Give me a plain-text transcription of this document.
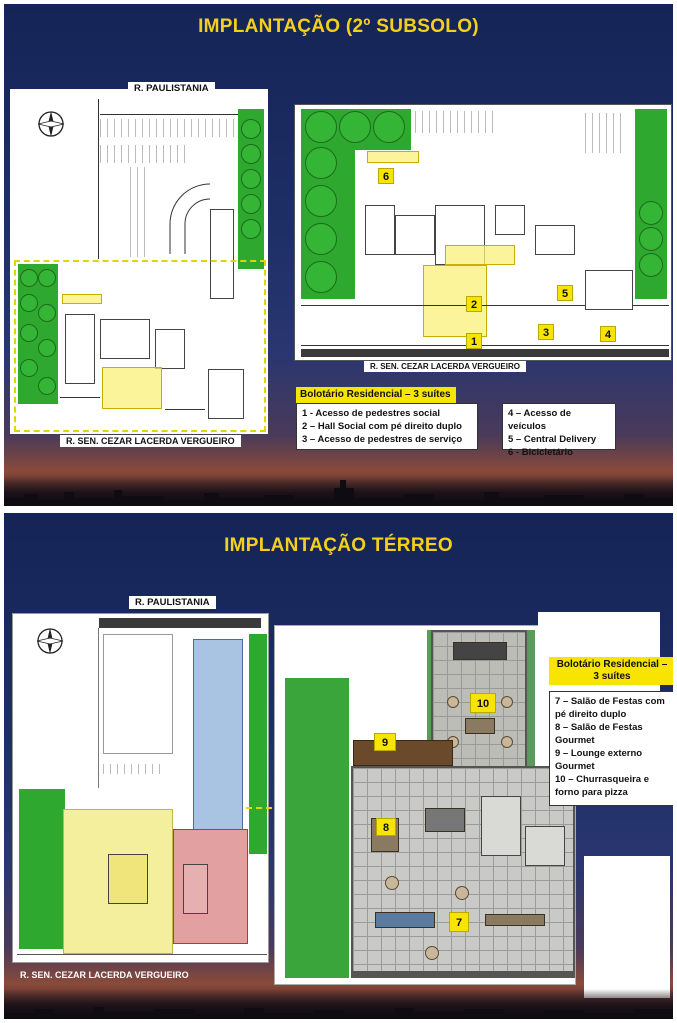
IMPLANTAÇÃO (2º SUBSOLO)
R. PAULISTANIA
R. SEN. CEZAR LACERDA VERGUEIRO
6
2
1
5
3	4
R. SEN. CEZAR LACERDA VERGUEIRO
Bolotário Residencial – 3 suítes
1 - Acesso de pedestres social
2 – Hall Social com pé direito duplo
3 – Acesso de pedestres de serviço
4 – Acesso de veículos
5 – Central Delivery
6 - Bicicletário
IMPLANTAÇÃO TÉRREO
R. PAULISTANIA
R. SEN. CEZAR LACERDA VERGUEIRO
10
9
8
7
Bolotário Residencial – 3 suítes
7 – Salão de Festas com pé direito duplo
8 – Salão de Festas Gourmet
9 – Lounge externo Gourmet
10 – Churrasqueira e forno para pizza
